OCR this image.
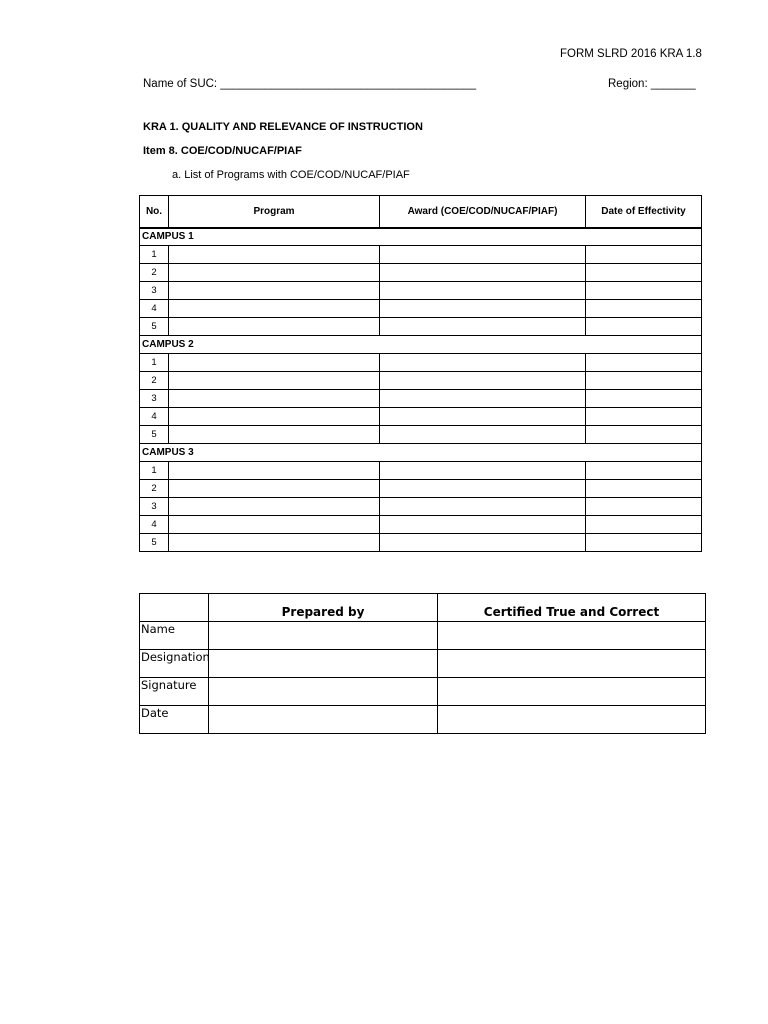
FORM SLRD 2016 KRA 1.8
Name of SUC: ________________________________________	Region: _______
KRA 1. QUALITY AND RELEVANCE OF INSTRUCTION
Item 8. COE/COD/NUCAF/PIAF
a. List of Programs with COE/COD/NUCAF/PIAF
No.	Program	Award (COE/COD/NUCAF/PIAF)	Date of Effectivity
CAMPUS 1			
1			
2			
3			
4			
5			
CAMPUS 2			
1			
2			
3			
4			
5			
CAMPUS 3			
1			
2			
3			
4			
5			
	Prepared by	Certified True and Correct
Name		
Designation		
Signature		
Date		
